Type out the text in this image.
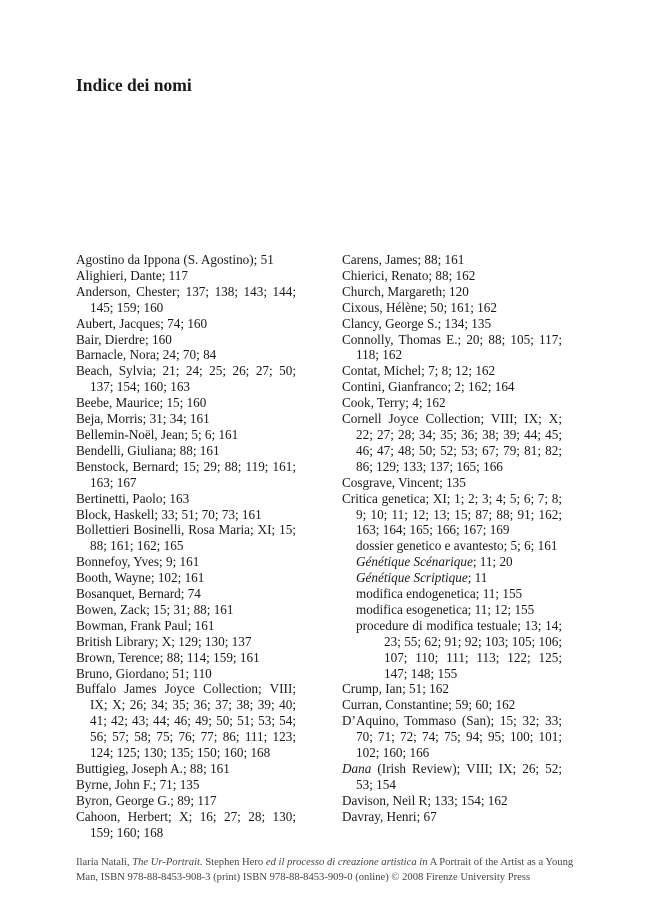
Indice dei nomi
Agostino da Ippona (S. Agostino); 51
Alighieri, Dante; 117
Anderson, Chester; 137; 138; 143; 144; 145; 159; 160
Aubert, Jacques; 74; 160
Bair, Dierdre; 160
Barnacle, Nora; 24; 70; 84
Beach, Sylvia; 21; 24; 25; 26; 27; 50; 137; 154; 160; 163
Beebe, Maurice; 15; 160
Beja, Morris; 31; 34; 161
Bellemin-Noël, Jean; 5; 6; 161
Bendelli, Giuliana; 88; 161
Benstock, Bernard; 15; 29; 88; 119; 161; 163; 167
Bertinetti, Paolo; 163
Block, Haskell; 33; 51; 70; 73; 161
Bollettieri Bosinelli, Rosa Maria; XI; 15; 88; 161; 162; 165
Bonnefoy, Yves; 9; 161
Booth, Wayne; 102; 161
Bosanquet, Bernard; 74
Bowen, Zack; 15; 31; 88; 161
Bowman, Frank Paul; 161
British Library; X; 129; 130; 137
Brown, Terence; 88; 114; 159; 161
Bruno, Giordano; 51; 110
Buffalo James Joyce Collection; VIII; IX; X; 26; 34; 35; 36; 37; 38; 39; 40; 41; 42; 43; 44; 46; 49; 50; 51; 53; 54; 56; 57; 58; 75; 76; 77; 86; 111; 123; 124; 125; 130; 135; 150; 160; 168
Buttigieg, Joseph A.; 88; 161
Byrne, John F.; 71; 135
Byron, George G.; 89; 117
Cahoon, Herbert; X; 16; 27; 28; 130; 159; 160; 168
Carens, James; 88; 161
Chierici, Renato; 88; 162
Church, Margareth; 120
Cixous, Hélène; 50; 161; 162
Clancy, George S.; 134; 135
Connolly, Thomas E.; 20; 88; 105; 117; 118; 162
Contat, Michel; 7; 8; 12; 162
Contini, Gianfranco; 2; 162; 164
Cook, Terry; 4; 162
Cornell Joyce Collection; VIII; IX; X; 22; 27; 28; 34; 35; 36; 38; 39; 44; 45; 46; 47; 48; 50; 52; 53; 67; 79; 81; 82; 86; 129; 133; 137; 165; 166
Cosgrave, Vincent; 135
Critica genetica; XI; 1; 2; 3; 4; 5; 6; 7; 8; 9; 10; 11; 12; 13; 15; 87; 88; 91; 162; 163; 164; 165; 166; 167; 169
dossier genetico e avantesto; 5; 6; 161
Génétique Scénarique; 11; 20
Génétique Scriptique; 11
modifica endogenetica; 11; 155
modifica esogenetica; 11; 12; 155
procedure di modifica testuale; 13; 14; 23; 55; 62; 91; 92; 103; 105; 106; 107; 110; 111; 113; 122; 125; 147; 148; 155
Crump, Ian; 51; 162
Curran, Constantine; 59; 60; 162
D’Aquino, Tommaso (San); 15; 32; 33; 70; 71; 72; 74; 75; 94; 95; 100; 101; 102; 160; 166
Dana (Irish Review); VIII; IX; 26; 52; 53; 154
Davison, Neil R; 133; 154; 162
Davray, Henri; 67
Ilaria Natali, The Ur-Portrait. Stephen Hero ed il processo di creazione artistica in A Portrait of the Artist as a Young Man, ISBN 978-88-8453-908-3 (print) ISBN 978-88-8453-909-0 (online) © 2008 Firenze University Press
